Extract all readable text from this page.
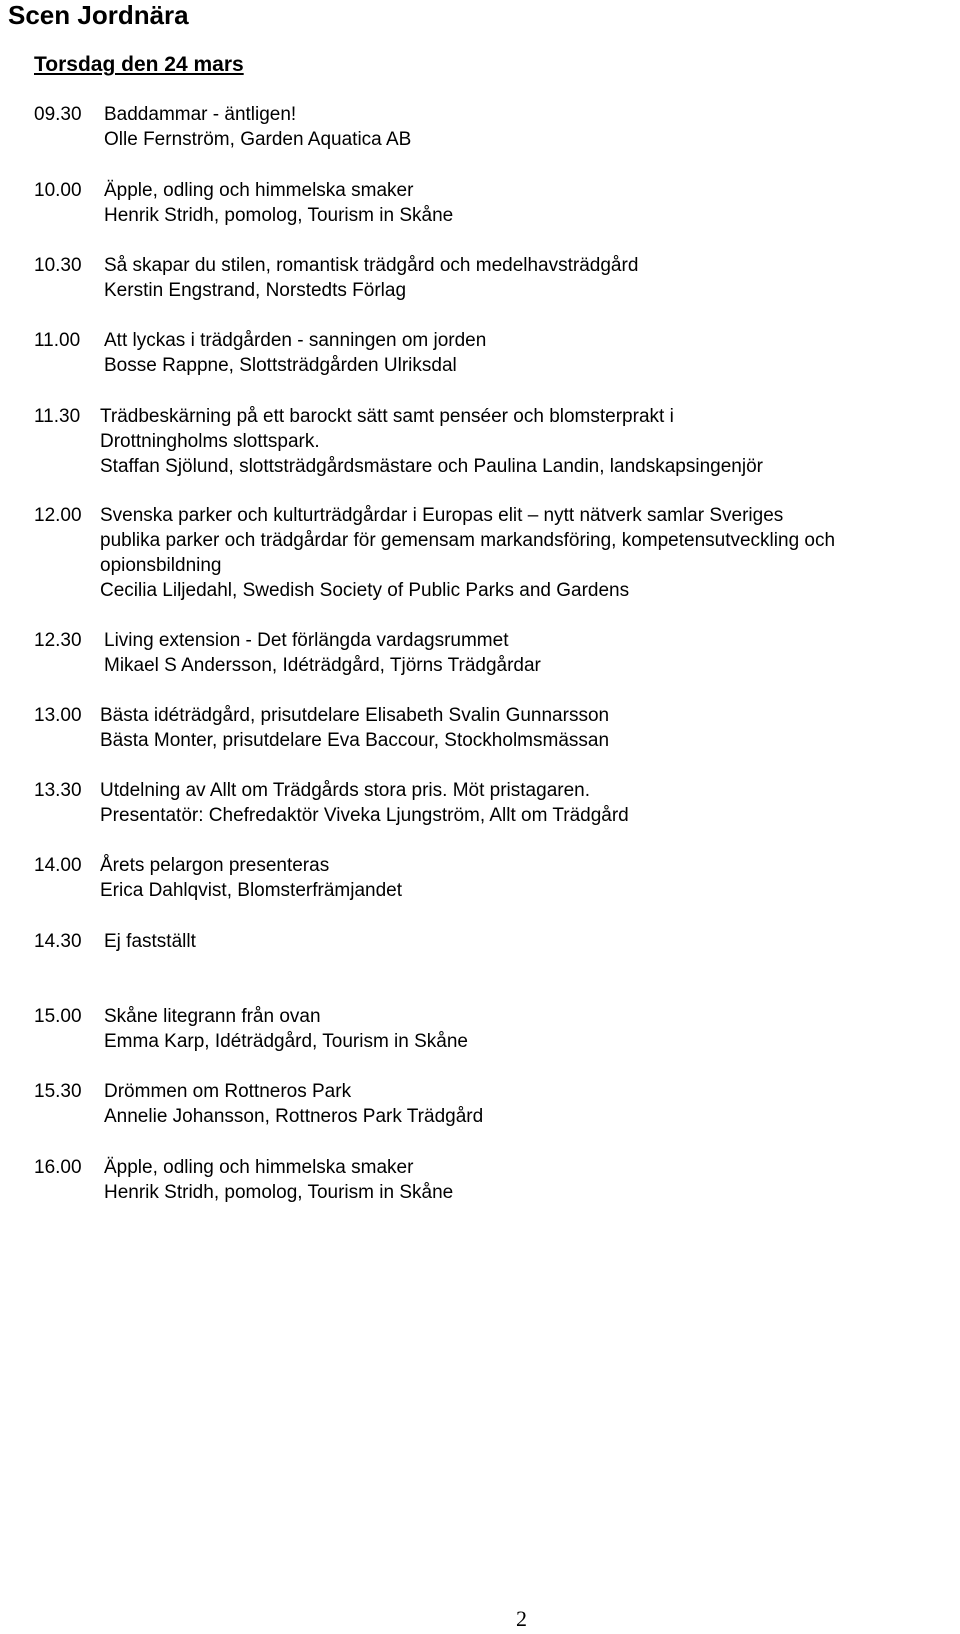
Scen Jordnära
Torsdag den 24 mars
09.30 Baddammar - äntligen!
Olle Fernström, Garden Aquatica AB
10.00 Äpple, odling och himmelska smaker
Henrik Stridh, pomolog, Tourism in Skåne
10.30 Så skapar du stilen, romantisk trädgård och medelhavsträdgård
Kerstin Engstrand, Norstedts Förlag
11.00 Att lyckas i trädgården - sanningen om jorden
Bosse Rappne, Slottsträdgården Ulriksdal
11.30 Trädbeskärning på ett barockt sätt samt penséer och blomsterprakt i
Drottningholms slottspark.
Staffan Sjölund, slottsträdgårdsmästare och Paulina Landin, landskapsingenjör
12.00 Svenska parker och kulturträdgårdar i Europas elit – nytt nätverk samlar Sveriges
publika parker och trädgårdar för gemensam markandsföring, kompetensutveckling och
opionsbildning
Cecilia Liljedahl, Swedish Society of Public Parks and Gardens
12.30 Living extension - Det förlängda vardagsrummet
Mikael S Andersson, Idéträdgård, Tjörns Trädgårdar
13.00 Bästa idéträdgård, prisutdelare Elisabeth Svalin Gunnarsson
Bästa Monter, prisutdelare Eva Baccour, Stockholmsmässan
13.30 Utdelning av Allt om Trädgårds stora pris. Möt pristagaren.
Presentatör: Chefredaktör Viveka Ljungström, Allt om Trädgård
14.00 Årets pelargon presenteras
Erica Dahlqvist, Blomsterfrämjandet
14.30 Ej fastställt
15.00 Skåne litegrann från ovan
Emma Karp, Idéträdgård, Tourism in Skåne
15.30 Drömmen om Rottneros Park
Annelie Johansson, Rottneros Park Trädgård
16.00 Äpple, odling och himmelska smaker
Henrik Stridh, pomolog, Tourism in Skåne
2
